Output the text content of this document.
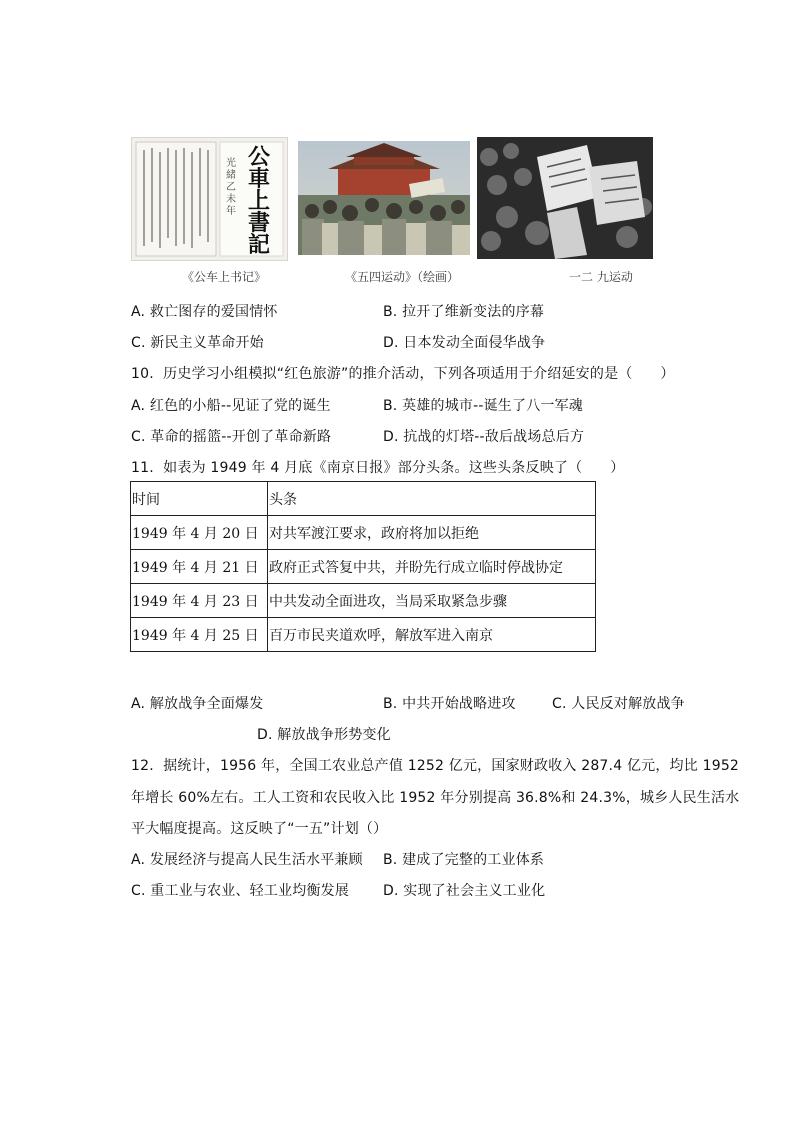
光緒乙未年
公車上書記
《公车上书记》	《五四运动》（绘画）	一二 九运动
A. 救亡图存的爱国情怀	B. 拉开了维新变法的序幕
C. 新民主义革命开始	D. 日本发动全面侵华战争
10.  历史学习小组模拟“红色旅游”的推介活动，下列各项适用于介绍延安的是（      ）
A. 红色的小船--见证了党的诞生	B. 英雄的城市--诞生了八一军魂
C. 革命的摇篮--开创了革命新路	D. 抗战的灯塔--敌后战场总后方
11.  如表为 1949 年 4 月底《南京日报》部分头条。这些头条反映了（      ）
时间	头条
1949 年 4 月 20 日	对共军渡江要求，政府将加以拒绝
1949 年 4 月 21 日	政府正式答复中共，并盼先行成立临时停战协定
1949 年 4 月 23 日	中共发动全面进攻，当局采取紧急步骤
1949 年 4 月 25 日	百万市民夹道欢呼，解放军进入南京
A. 解放战争全面爆发	B. 中共开始战略进攻	C. 人民反对解放战争
D. 解放战争形势变化
12.  据统计，1956 年，全国工农业总产值 1252 亿元，国家财政收入 287.4 亿元，均比 1952
年增长 60%左右。工人工资和农民收入比 1952 年分别提高 36.8%和 24.3%，城乡人民生活水
平大幅度提高。这反映了“一五”计划（）
A. 发展经济与提高人民生活水平兼顾 B. 建成了完整的工业体系
C. 重工业与农业、轻工业均衡发展 D. 实现了社会主义工业化
